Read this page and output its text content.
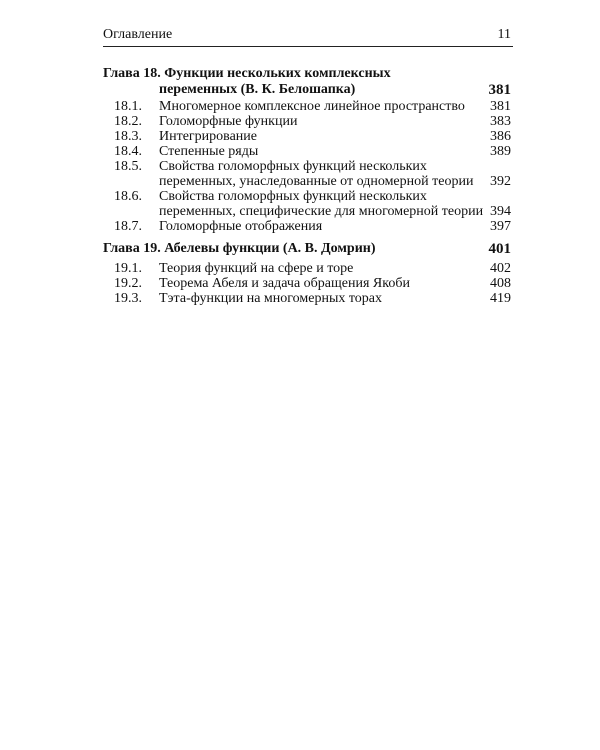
Оглавление	11
Глава 18. Функции нескольких комплексных
переменных (В. К. Белошапка)	381
18.1. Многомерное комплексное линейное пространство	381
18.2. Голоморфные функции	383
18.3. Интегрирование	386
18.4. Степенные ряды	389
18.5. Свойства голоморфных функций нескольких
переменных, унаследованные от одномерной теории 392
18.6. Свойства голоморфных функций нескольких
переменных, специфические для многомерной теории 394
18.7. Голоморфные отображения	397
Глава 19. Абелевы функции (А. В. Домрин)	401
19.1. Теория функций на сфере и торе	402
19.2. Теорема Абеля и задача обращения Якоби	408
19.3. Тэта-функции на многомерных торах	419
